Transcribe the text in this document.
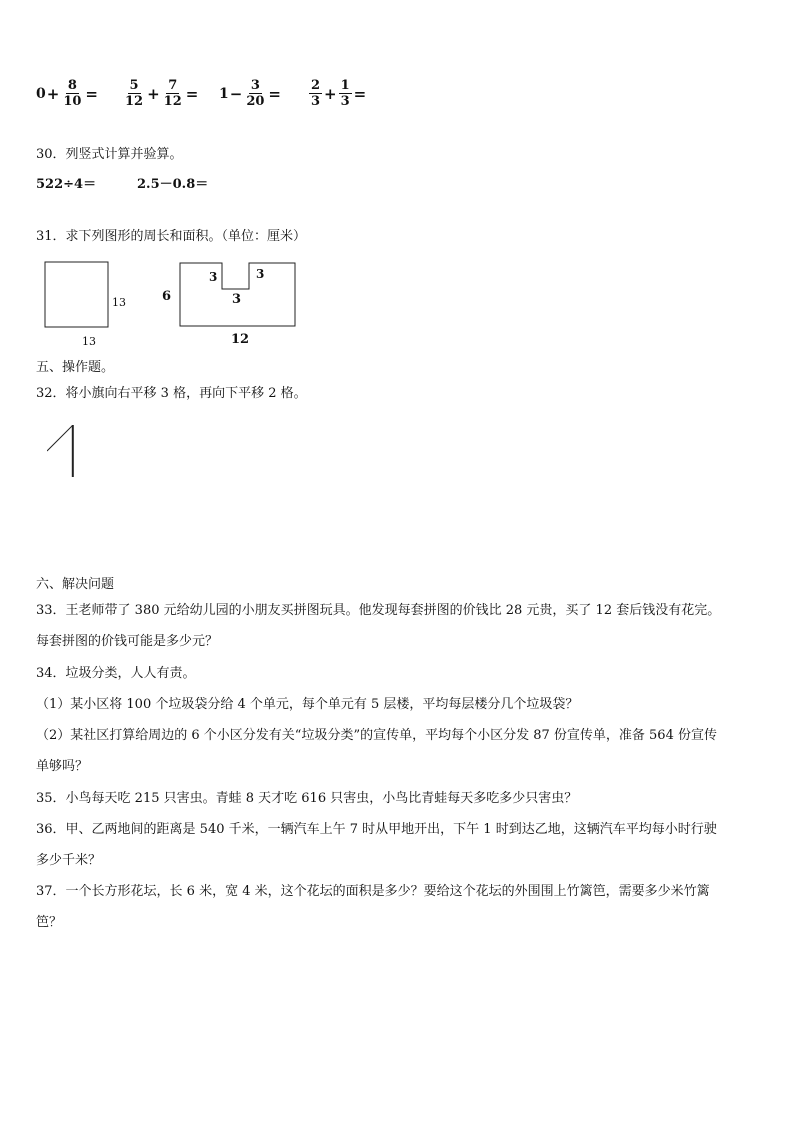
$0 + \frac{8}{10} = \frac{5}{12} + \frac{7}{12} = 1 - \frac{3}{20} = \frac{2}{3} + \frac{1}{3}$ =
30．列竖式计算并验算。
522÷4＝	2.5－0.8＝
31．求下列图形的周长和面积。（单位：厘米）
13
13
6
3	3
3
12
五、操作题。
32．将小旗向右平移 3 格，再向下平移 2 格。
六、解决问题
33．王老师带了 380 元给幼儿园的小朋友买拼图玩具。他发现每套拼图的价钱比 28 元贵，买了 12 套后钱没有花完。
每套拼图的价钱可能是多少元？
34．垃圾分类，人人有责。
（1）某小区将 100 个垃圾袋分给 4 个单元，每个单元有 5 层楼，平均每层楼分几个垃圾袋？
（2）某社区打算给周边的 6 个小区分发有关“垃圾分类”的宣传单，平均每个小区分发 87 份宣传单，准备 564 份宣传
单够吗？
35．小鸟每天吃 215 只害虫。青蛙 8 天才吃 616 只害虫，小鸟比青蛙每天多吃多少只害虫？
36．甲、乙两地间的距离是 540 千米，一辆汽车上午 7 时从甲地开出，下午 1 时到达乙地，这辆汽车平均每小时行驶
多少千米？
37．一个长方形花坛，长 6 米，宽 4 米，这个花坛的面积是多少？要给这个花坛的外围围上竹篱笆，需要多少米竹篱
笆？
